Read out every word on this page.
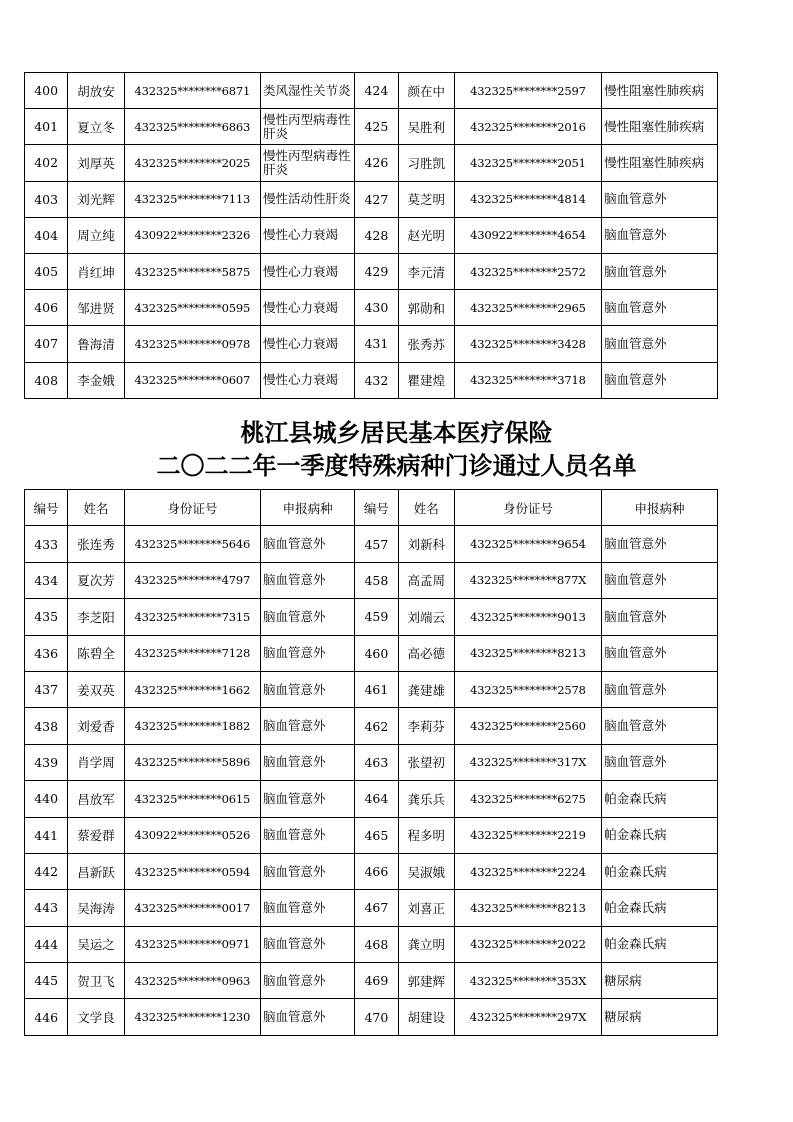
400	胡放安	432325********6871	类风湿性关节炎	424	颜在中	432325********2597	慢性阻塞性肺疾病
401	夏立冬	432325********6863	慢性丙型病毒性肝炎	425	吴胜利	432325********2016	慢性阻塞性肺疾病
402	刘厚英	432325********2025	慢性丙型病毒性肝炎	426	习胜凯	432325********2051	慢性阻塞性肺疾病
403	刘光辉	432325********7113	慢性活动性肝炎	427	莫芝明	432325********4814	脑血管意外
404	周立纯	430922********2326	慢性心力衰竭	428	赵光明	430922********4654	脑血管意外
405	肖红坤	432325********5875	慢性心力衰竭	429	李元清	432325********2572	脑血管意外
406	邹进贤	432325********0595	慢性心力衰竭	430	郭勋和	432325********2965	脑血管意外
407	鲁海清	432325********0978	慢性心力衰竭	431	张秀苏	432325********3428	脑血管意外
408	李金娥	432325********0607	慢性心力衰竭	432	瞿建煌	432325********3718	脑血管意外
桃江县城乡居民基本医疗保险
二〇二二年一季度特殊病种门诊通过人员名单
编号	姓名	身份证号	申报病种	编号	姓名	身份证号	申报病种
433	张连秀	432325********5646	脑血管意外	457	刘新科	432325********9654	脑血管意外
434	夏次芳	432325********4797	脑血管意外	458	高孟周	432325********877X	脑血管意外
435	李芝阳	432325********7315	脑血管意外	459	刘端云	432325********9013	脑血管意外
436	陈碧全	432325********7128	脑血管意外	460	高必德	432325********8213	脑血管意外
437	姜双英	432325********1662	脑血管意外	461	龚建雄	432325********2578	脑血管意外
438	刘爱香	432325********1882	脑血管意外	462	李莉芬	432325********2560	脑血管意外
439	肖学周	432325********5896	脑血管意外	463	张望初	432325********317X	脑血管意外
440	昌放军	432325********0615	脑血管意外	464	龚乐兵	432325********6275	帕金森氏病
441	蔡爱群	430922********0526	脑血管意外	465	程多明	432325********2219	帕金森氏病
442	昌新跃	432325********0594	脑血管意外	466	吴淑娥	432325********2224	帕金森氏病
443	吴海涛	432325********0017	脑血管意外	467	刘喜正	432325********8213	帕金森氏病
444	吴运之	432325********0971	脑血管意外	468	龚立明	432325********2022	帕金森氏病
445	贺卫飞	432325********0963	脑血管意外	469	郭建辉	432325********353X	糖尿病
446	文学良	432325********1230	脑血管意外	470	胡建设	432325********297X	糖尿病
